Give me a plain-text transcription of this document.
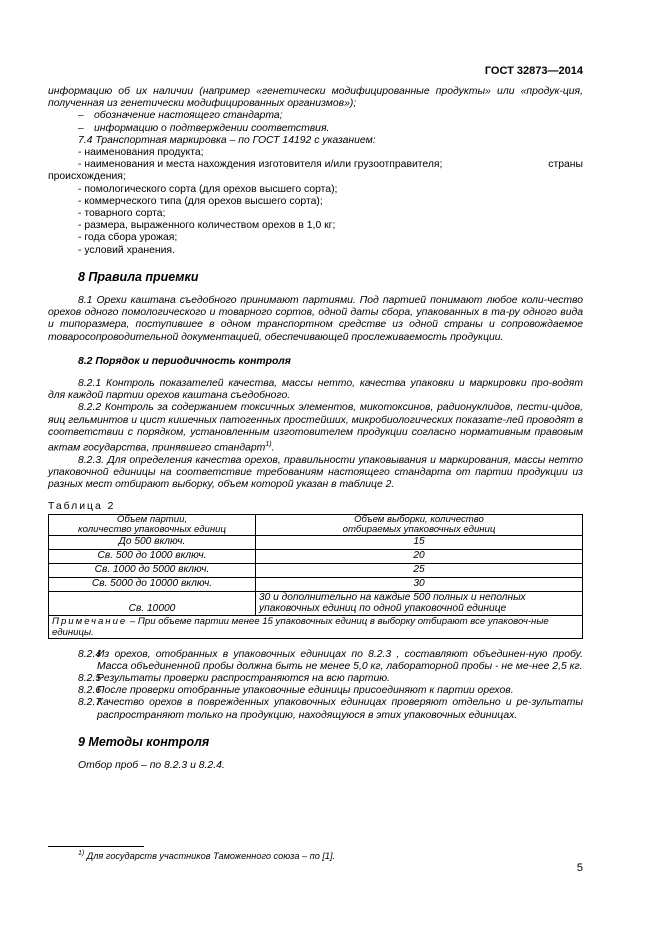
ГОСТ 32873—2014

информацию об их наличии (например «генетически модифицированные продукты» или «продук-ция, полученная из генетически модифицированных организмов»);

– обозначение настоящего стандарта;
– информацию о подтверждении соответствия.

7.4 Транспортная маркировка – по ГОСТ 14192 с указанием:

- наименования продукта;

- наименования и места нахождения изготовителя и/или грузоотправителя;	страны

происхождения;

- помологического сорта (для орехов высшего сорта);

- коммерческого типа (для орехов высшего сорта);

- товарного сорта;

- размера, выраженного количеством орехов в 1,0 кг;

- года сбора урожая;

- условий хранения.

8 Правила приемки

8.1 Орехи каштана съедобного принимают партиями. Под партией понимают любое коли-чество орехов одного помологического и товарного сортов, одной даты сбора, упакованных в та-ру одного вида и типоразмера, поступившее в одном транспортном средстве из одной страны и сопровождаемое товаросопроводительной документацией, обеспечивающей прослеживаемость продукции.

8.2 Порядок и периодичность контроля

8.2.1 Контроль показателей качества, массы нетто, качества упаковки и маркировки про-водят для каждой партии орехов каштана съедобного.

8.2.2 Контроль за содержанием токсичных элементов, микотоксинов, радионуклидов, пести-цидов, яиц гельминтов и цист кишечных патогенных простейших, микробиологических показате-лей проводят в соответствии с порядком, установленным изготовителем продукции согласно нормативным правовым актам государства, принявшего стандарт$^{1)}$.

8.2.3. Для определения качества орехов, правильности упаковывания и маркирования, массы нетто упаковочной единицы на соответствие требованиям настоящего стандарта от партии продукции из разных мест отбирают выборку, объем которой указан в таблице 2.

Таблица 2

Объем партии,
количество упаковочных единиц	Объем выборки, количество
отбираемых упаковочных единиц
До 500 включ.	15
Св. 500 до 1000 включ.	20
Св. 1000 до 5000 включ.	25
Св. 5000 до 10000 включ.	30
Св. 10000	30 и дополнительно на каждые 500 полных и неполных
упаковочных единиц по одной упаковочной единице
Примечание – При объеме партии менее 15 упаковочных единиц в выборку отбирают все упаковоч-ные единицы.	
8.2.4
Из орехов, отобранных в упаковочных единицах по 8.2.3 , составляют объединен-ную пробу. Масса объединенной пробы должна быть не менее 5,0 кг, лабораторной пробы - не ме-нее 2,5 кг.
8.2.5
Результаты проверки распространяются на всю партию.
8.2.6
После проверки отобранные упаковочные единицы присоединяют к партии орехов.
8.2.7
Качество орехов в поврежденных упаковочных единицах проверяют отдельно и ре-зультаты распространяют только на продукцию, находящуюся в этих упаковочных единицах.
9 Методы контроля

Отбор проб – по 8.2.3 и 8.2.4.

$^{1)}$ Для государств участников Таможенного союза – по [1].
5
